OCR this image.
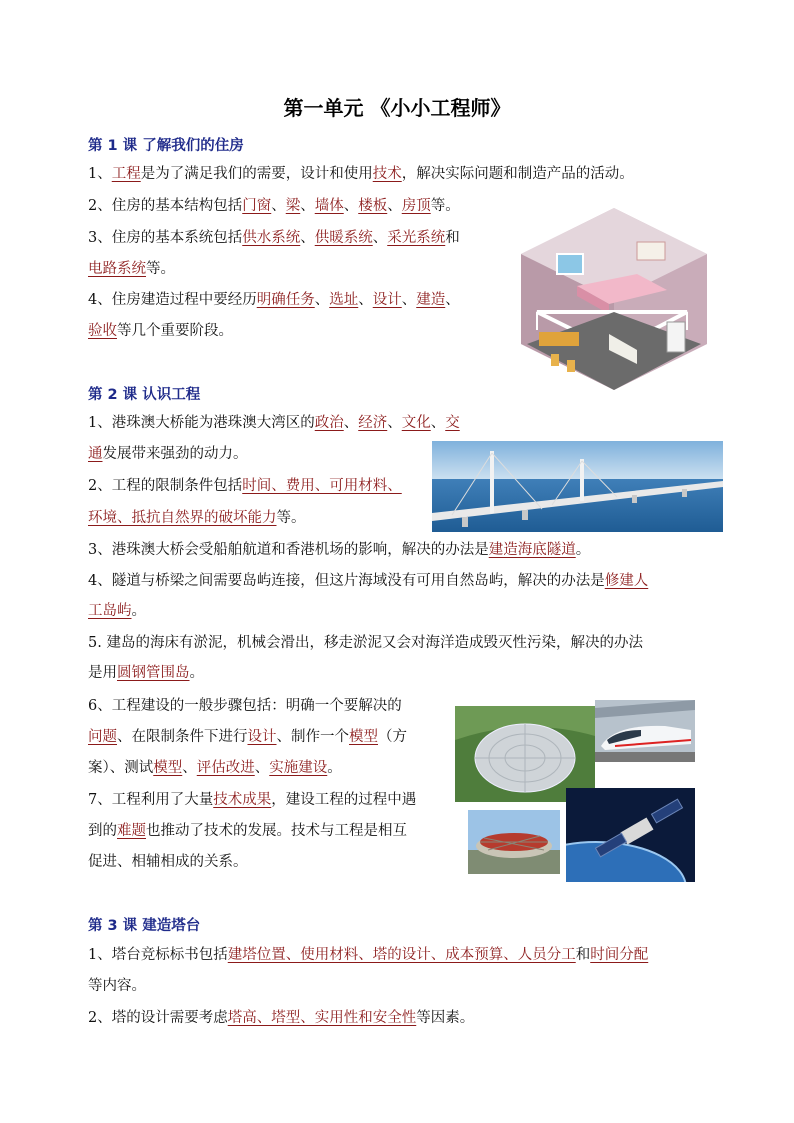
第一单元 《小小工程师》
第 1 课 了解我们的住房
1、工程是为了满足我们的需要，设计和使用技术，解决实际问题和制造产品的活动。
2、住房的基本结构包括门窗、梁、墙体、楼板、房顶等。
3、住房的基本系统包括供水系统、供暖系统、采光系统和
电路系统等。
4、住房建造过程中要经历明确任务、选址、设计、建造、
验收等几个重要阶段。
第 2 课 认识工程
1、港珠澳大桥能为港珠澳大湾区的政治、经济、文化、交
通发展带来强劲的动力。
2、工程的限制条件包括时间、费用、可用材料、
环境、抵抗自然界的破坏能力等。
3、港珠澳大桥会受船舶航道和香港机场的影响，解决的办法是建造海底隧道。
4、隧道与桥梁之间需要岛屿连接，但这片海域没有可用自然岛屿，解决的办法是修建人
工岛屿。
5. 建岛的海床有淤泥，机械会滑出，移走淤泥又会对海洋造成毁灭性污染，解决的办法
是用圆钢管围岛。
6、工程建设的一般步骤包括：明确一个要解决的
问题、在限制条件下进行设计、制作一个模型（方
案）、测试模型、评估改进、实施建设。
7、工程利用了大量技术成果，建设工程的过程中遇
到的难题也推动了技术的发展。技术与工程是相互
促进、相辅相成的关系。
第 3 课 建造塔台
1、塔台竞标标书包括建塔位置、使用材料、塔的设计、成本预算、人员分工和时间分配
等内容。
2、塔的设计需要考虑塔高、塔型、实用性和安全性等因素。
